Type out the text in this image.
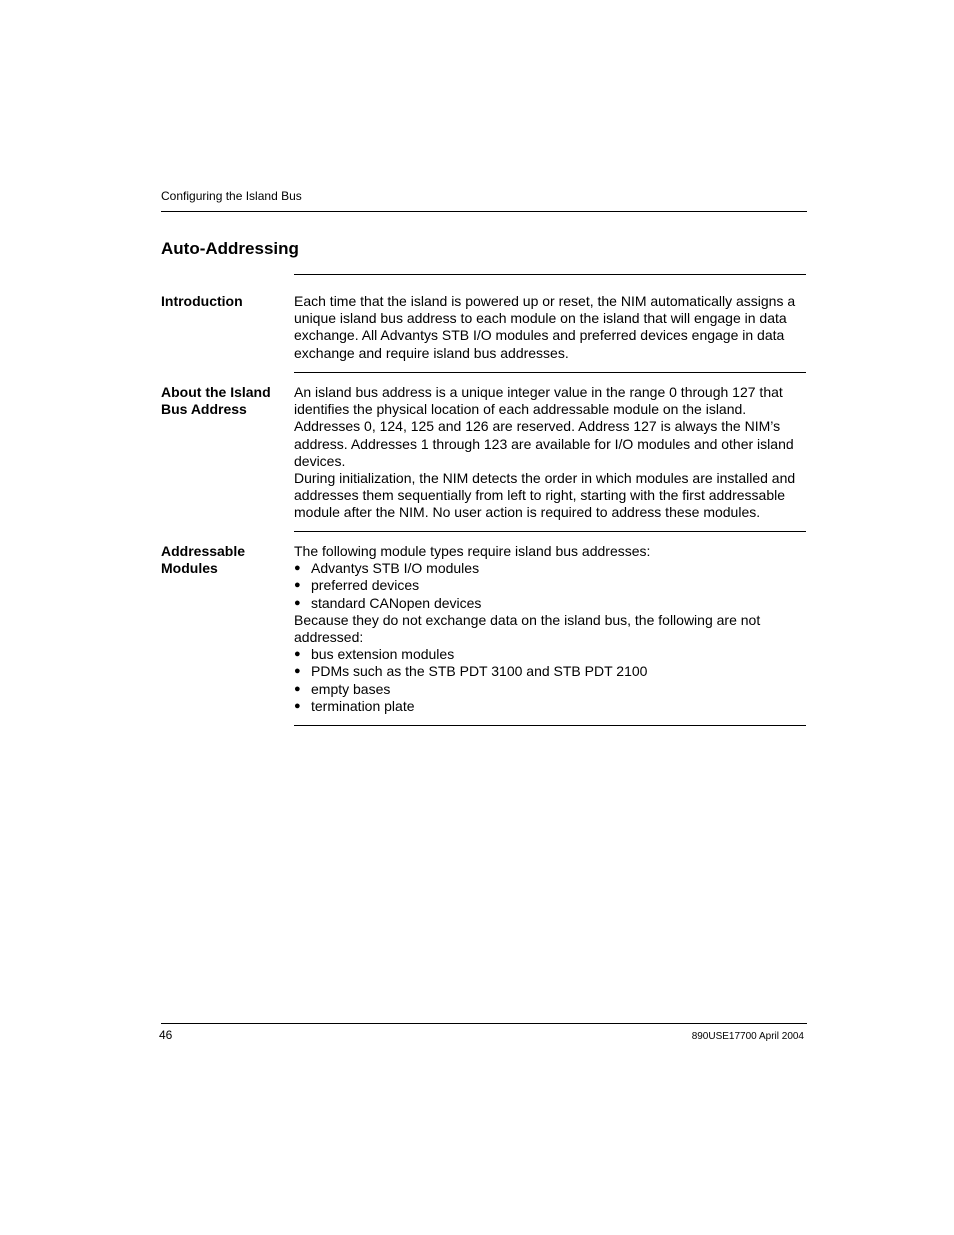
Configuring the Island Bus
Auto-Addressing
Introduction	Each time that the island is powered up or reset, the NIM automatically assigns a unique island bus address to each module on the island that will engage in data exchange. All Advantys STB I/O modules and preferred devices engage in data exchange and require island bus addresses.

About the Island
Bus Address

An island bus address is a unique integer value in the range 0 through 127 that identifies the physical location of each addressable module on the island. Addresses 0, 124, 125 and 126 are reserved. Address 127 is always the NIM’s address. Addresses 1 through 123 are available for I/O modules and other island devices.

During initialization, the NIM detects the order in which modules are installed and addresses them sequentially from left to right, starting with the first addressable module after the NIM. No user action is required to address these modules.

Addressable
Modules

The following module types require island bus addresses:

● Advantys STB I/O modules
● preferred devices
● standard CANopen devices

Because they do not exchange data on the island bus, the following are not addressed:

● bus extension modules
● PDMs such as the STB PDT 3100 and STB PDT 2100
● empty bases
● termination plate
46	890USE17700 April 2004
